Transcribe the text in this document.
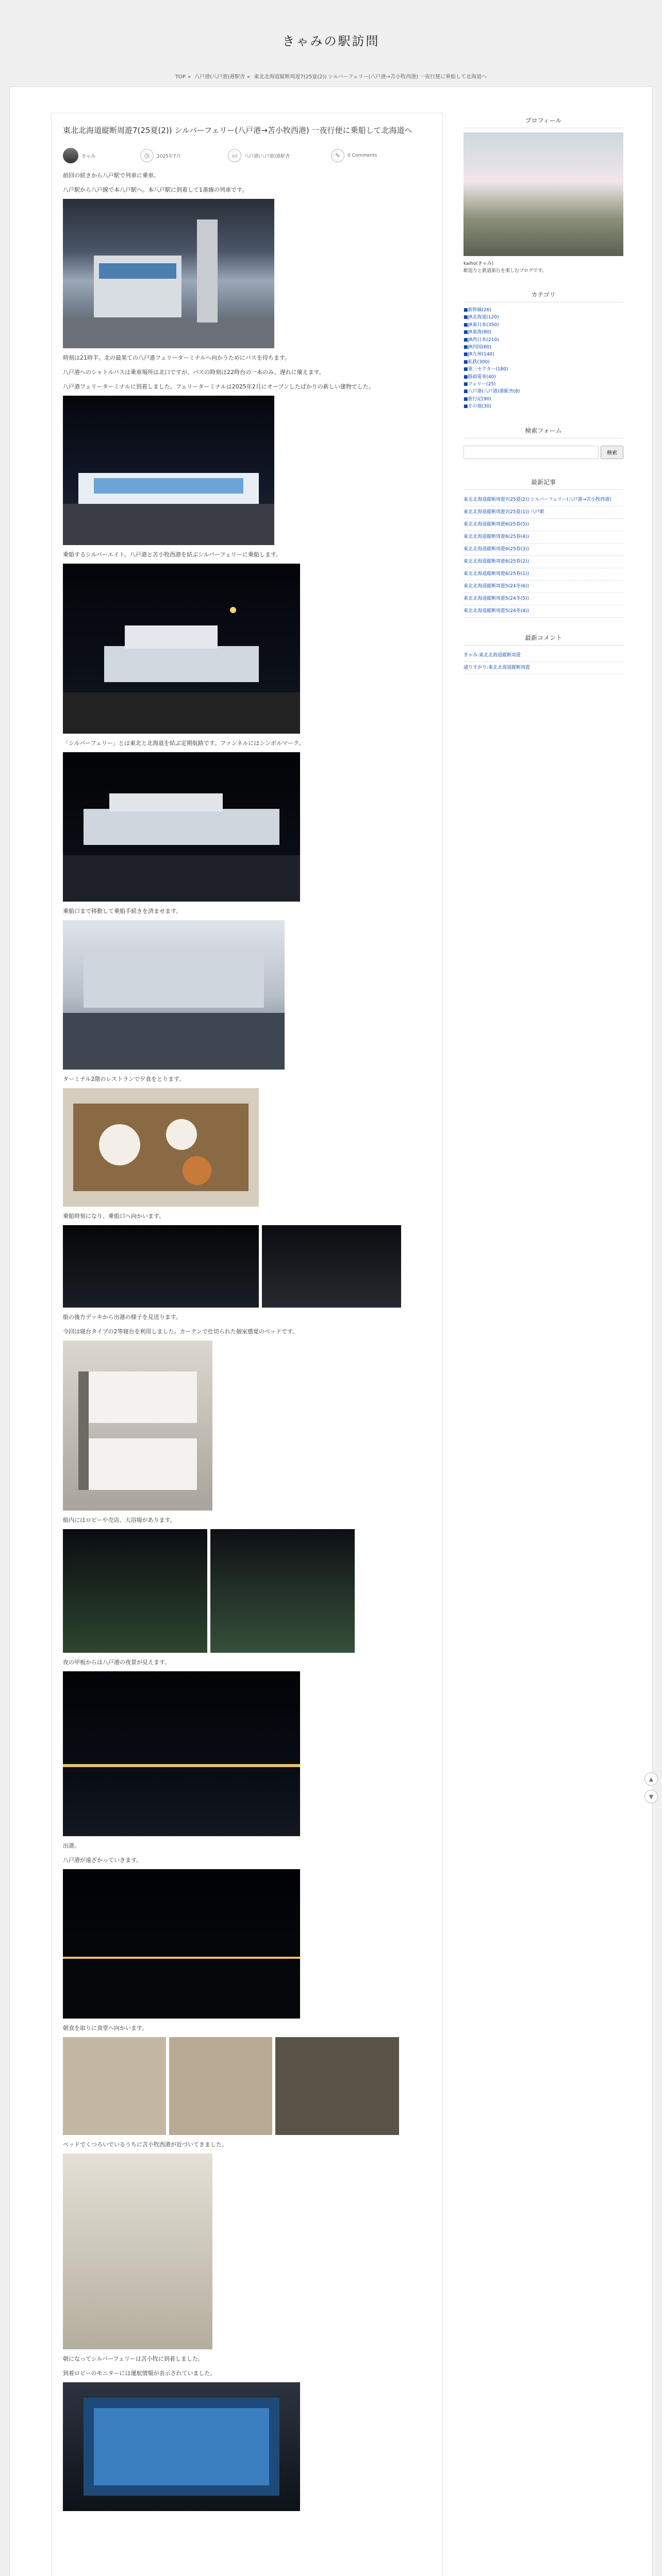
きゃみの駅訪問
TOP » 八戸港(八戸港)港駅舎 » 東北北海道縦断周遊7(25夏(2)) シルバーフェリー(八戸港→苫小牧西港) 一夜行便に乗船して北海道へ
東北北海道縦断周遊7(25夏(2)) シルバーフェリー(八戸港→苫小牧西港) 一夜行便に乗船して北海道へ
きゃみ	◷	2025年7月	▭	八戸港(八戸港)港駅舎	✎	0 Comments

前回の続きから八戸駅で列車に乗車。

八戸駅から八戸線で本八戸駅へ。本八戸駅に到着して1番線の列車です。

時刻は21時半。北の最果ての八戸港フェリーターミナルへ向かうためにバスを待ちます。

八戸港へのシャトルバスは乗車場所は北口ですが、バスの時刻は22時台の一本のみ。遅れに備えます。

八戸港フェリーターミナルに到着しました。フェリーターミナルは2025年2月にオープンしたばかりの新しい建物でした。

乗船するシルバーエイト。八戸港と苫小牧西港を結ぶシルバーフェリーに乗船します。

「シルバーフェリー」とは東北と北海道を結ぶ定期航路です。ファンネルにはシンボルマーク。

乗船口まで移動して乗船手続きを済ませます。

ターミナル2階のレストランで夕食をとります。

乗船時刻になり、乗船口へ向かいます。

船の後方デッキから出港の様子を見送ります。

今回は寝台タイプの2等寝台を利用しました。カーテンで仕切られた個室感覚のベッドです。

船内にはロビーや売店、大浴場があります。

夜の甲板からは八戸港の夜景が見えます。

出港。

八戸港が遠ざかっていきます。

朝食を取りに食堂へ向かいます。

ベッドでくつろいでいるうちに苫小牧西港が近づいてきました。

朝になってシルバーフェリーは苫小牧に到着しました。

到着ロビーのモニターには運航情報が表示されていました。

プロフィール

kaiho(きゃみ)
駅巡りと鉄道旅行を楽しむブログです。

カテゴリ
■新幹線(26)
■JR北海道(120)
■JR東日本(350)
■JR東海(80)
■JR西日本(210)
■JR四国(60)
■JR九州(140)
■私鉄(300)
■第三セクター(180)
■路面電車(40)
■フェリー(25)
■八戸港(八戸港)港駅舎(8)
■旅行記(90)
■その他(30)
検索フォーム
検索
最新記事
東北北海道縦断周遊7(25夏(2)) シルバーフェリー(八戸港→苫小牧西港)
東北北海道縦断周遊7(25夏(1)) 八戸駅
東北北海道縦断周遊6(25春(5))
東北北海道縦断周遊6(25春(4))
東北北海道縦断周遊6(25春(3))
東北北海道縦断周遊6(25春(2))
東北北海道縦断周遊6(25春(1))
東北北海道縦断周遊5(24冬(6))
東北北海道縦断周遊5(24冬(5))
東北北海道縦断周遊5(24冬(4))
最新コメント
きゃみ:東北北海道縦断周遊
通りすがり:東北北海道縦断周遊
▲
▼
